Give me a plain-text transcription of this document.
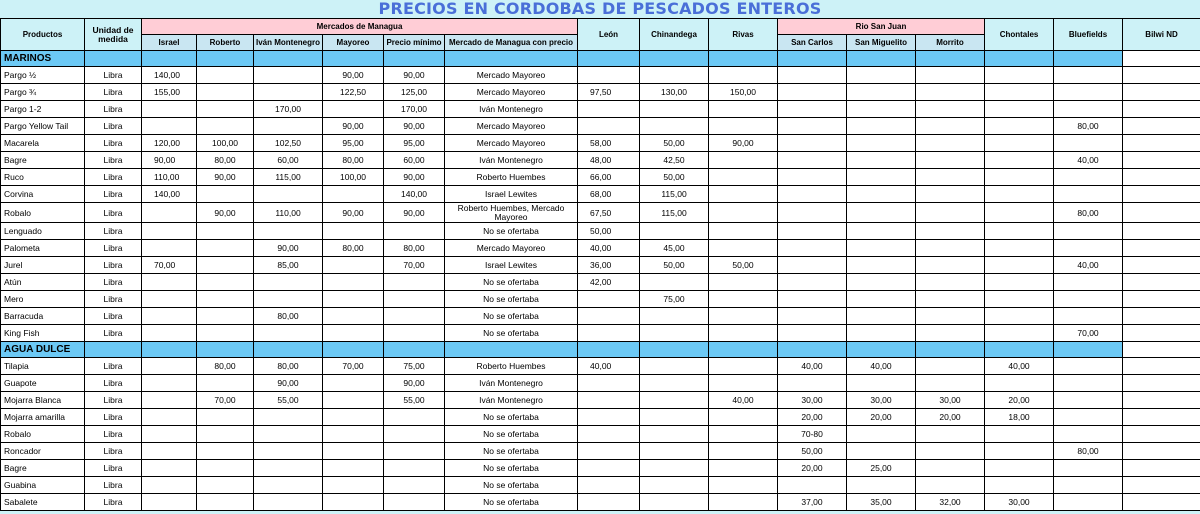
PRECIOS EN CORDOBAS DE PESCADOS ENTEROS
Productos	Unidad de medida	Mercados de Managua						León	Chinandega	Rivas	Rio San Juan			Chontales	Bluefields	Bilwi ND
		Israel	Roberto	Iván Montenegro	Mayoreo	Precio mínimo	Mercado de Managua con precio				San Carlos	San Miguelito	Morrito			
MARINOS																
Pargo ½	Libra	140,00			90,00	90,00	Mercado Mayoreo									
Pargo ¾	Libra	155,00			122,50	125,00	Mercado Mayoreo	97,50	130,00	150,00						
Pargo 1-2	Libra			170,00		170,00	Iván Montenegro									
Pargo Yellow Tail	Libra				90,00	90,00	Mercado Mayoreo								80,00	
Macarela	Libra	120,00	100,00	102,50	95,00	95,00	Mercado Mayoreo	58,00	50,00	90,00						
Bagre	Libra	90,00	80,00	60,00	80,00	60,00	Iván Montenegro	48,00	42,50						40,00	
Ruco	Libra	110,00	90,00	115,00	100,00	90,00	Roberto Huembes	66,00	50,00							
Corvina	Libra	140,00				140,00	Israel Lewites	68,00	115,00							
Robalo	Libra		90,00	110,00	90,00	90,00	Roberto Huembes, Mercado Mayoreo	67,50	115,00						80,00	
Lenguado	Libra						No se ofertaba	50,00								
Palometa	Libra			90,00	80,00	80,00	Mercado Mayoreo	40,00	45,00							
Jurel	Libra	70,00		85,00		70,00	Israel Lewites	36,00	50,00	50,00					40,00	
Atún	Libra						No se ofertaba	42,00								
Mero	Libra						No se ofertaba		75,00							
Barracuda	Libra			80,00			No se ofertaba									
King Fish	Libra						No se ofertaba								70,00	
AGUA DULCE																
Tilapia	Libra		80,00	80,00	70,00	75,00	Roberto Huembes	40,00			40,00	40,00		40,00		
Guapote	Libra			90,00		90,00	Iván Montenegro									
Mojarra Blanca	Libra		70,00	55,00		55,00	Iván Montenegro			40,00	30,00	30,00	30,00	20,00		
Mojarra amarilla	Libra						No se ofertaba				20,00	20,00	20,00	18,00		
Robalo	Libra						No se ofertaba				70-80					
Roncador	Libra						No se ofertaba				50,00				80,00	
Bagre	Libra						No se ofertaba				20,00	25,00				
Guabina	Libra						No se ofertaba									
Sabalete	Libra						No se ofertaba				37,00	35,00	32,00	30,00		
